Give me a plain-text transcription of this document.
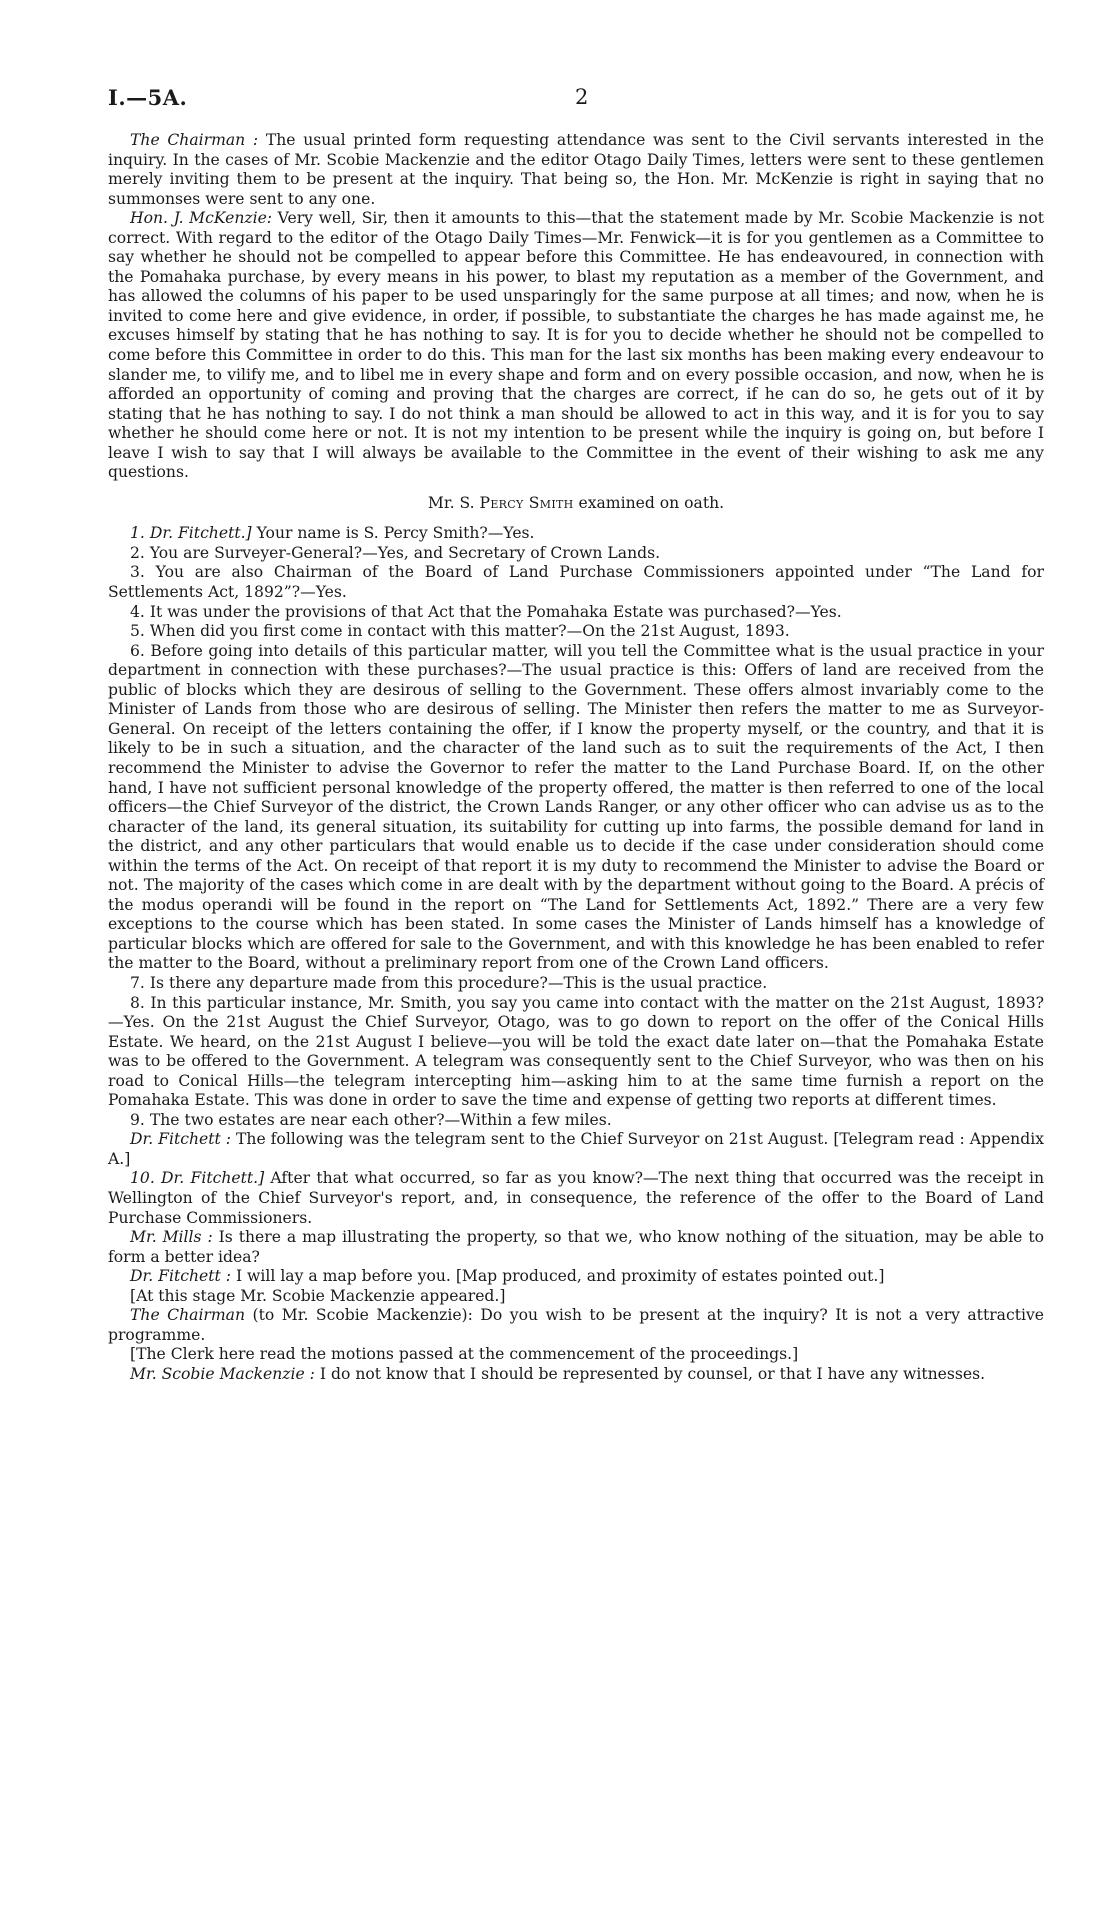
I.—5A.	2

The Chairman : The usual printed form requesting attendance was sent to the Civil servants interested in the inquiry. In the cases of Mr. Scobie Mackenzie and the editor Otago Daily Times, letters were sent to these gentlemen merely inviting them to be present at the inquiry. That being so, the Hon. Mr. McKenzie is right in saying that no summonses were sent to any one.

Hon. J. McKenzie: Very well, Sir, then it amounts to this—that the statement made by Mr. Scobie Mackenzie is not correct. With regard to the editor of the Otago Daily Times—Mr. Fenwick—it is for you gentlemen as a Committee to say whether he should not be compelled to appear before this Committee. He has endeavoured, in connection with the Pomahaka purchase, by every means in his power, to blast my reputation as a member of the Government, and has allowed the columns of his paper to be used unsparingly for the same purpose at all times; and now, when he is invited to come here and give evidence, in order, if possible, to substantiate the charges he has made against me, he excuses himself by stating that he has nothing to say. It is for you to decide whether he should not be compelled to come before this Committee in order to do this. This man for the last six months has been making every endeavour to slander me, to vilify me, and to libel me in every shape and form and on every possible occasion, and now, when he is afforded an opportunity of coming and proving that the charges are correct, if he can do so, he gets out of it by stating that he has nothing to say. I do not think a man should be allowed to act in this way, and it is for you to say whether he should come here or not. It is not my intention to be present while the inquiry is going on, but before I leave I wish to say that I will always be available to the Committee in the event of their wishing to ask me any questions.

Mr. S. Percy Smith examined on oath.

1. Dr. Fitchett.] Your name is S. Percy Smith?—Yes.

2. You are Surveyer-General?—Yes, and Secretary of Crown Lands.

3. You are also Chairman of the Board of Land Purchase Commissioners appointed under “The Land for Settlements Act, 1892”?—Yes.

4. It was under the provisions of that Act that the Pomahaka Estate was purchased?—Yes.

5. When did you first come in contact with this matter?—On the 21st August, 1893.

6. Before going into details of this particular matter, will you tell the Committee what is the usual practice in your department in connection with these purchases?—The usual practice is this: Offers of land are received from the public of blocks which they are desirous of selling to the Government. These offers almost invariably come to the Minister of Lands from those who are desirous of selling. The Minister then refers the matter to me as Surveyor-General. On receipt of the letters containing the offer, if I know the property myself, or the country, and that it is likely to be in such a situation, and the character of the land such as to suit the requirements of the Act, I then recommend the Minister to advise the Governor to refer the matter to the Land Purchase Board. If, on the other hand, I have not sufficient personal knowledge of the property offered, the matter is then referred to one of the local officers—the Chief Surveyor of the district, the Crown Lands Ranger, or any other officer who can advise us as to the character of the land, its general situation, its suitability for cutting up into farms, the possible demand for land in the district, and any other particulars that would enable us to decide if the case under consideration should come within the terms of the Act. On receipt of that report it is my duty to recommend the Minister to advise the Board or not. The majority of the cases which come in are dealt with by the department without going to the Board. A précis of the modus operandi will be found in the report on “The Land for Settlements Act, 1892.” There are a very few exceptions to the course which has been stated. In some cases the Minister of Lands himself has a knowledge of particular blocks which are offered for sale to the Government, and with this knowledge he has been enabled to refer the matter to the Board, without a preliminary report from one of the Crown Land officers.

7. Is there any departure made from this procedure?—This is the usual practice.

8. In this particular instance, Mr. Smith, you say you came into contact with the matter on the 21st August, 1893?—Yes. On the 21st August the Chief Surveyor, Otago, was to go down to report on the offer of the Conical Hills Estate. We heard, on the 21st August I believe—you will be told the exact date later on—that the Pomahaka Estate was to be offered to the Government. A telegram was consequently sent to the Chief Surveyor, who was then on his road to Conical Hills—the telegram intercepting him—asking him to at the same time furnish a report on the Pomahaka Estate. This was done in order to save the time and expense of getting two reports at different times.

9. The two estates are near each other?—Within a few miles.

Dr. Fitchett : The following was the telegram sent to the Chief Surveyor on 21st August. [Telegram read : Appendix A.]

10. Dr. Fitchett.] After that what occurred, so far as you know?—The next thing that occurred was the receipt in Wellington of the Chief Surveyor's report, and, in consequence, the reference of the offer to the Board of Land Purchase Commissioners.

Mr. Mills : Is there a map illustrating the property, so that we, who know nothing of the situation, may be able to form a better idea?

Dr. Fitchett : I will lay a map before you. [Map produced, and proximity of estates pointed out.]

[At this stage Mr. Scobie Mackenzie appeared.]

The Chairman (to Mr. Scobie Mackenzie): Do you wish to be present at the inquiry? It is not a very attractive programme.

[The Clerk here read the motions passed at the commencement of the proceedings.]

Mr. Scobie Mackenzie : I do not know that I should be represented by counsel, or that I have any witnesses.
